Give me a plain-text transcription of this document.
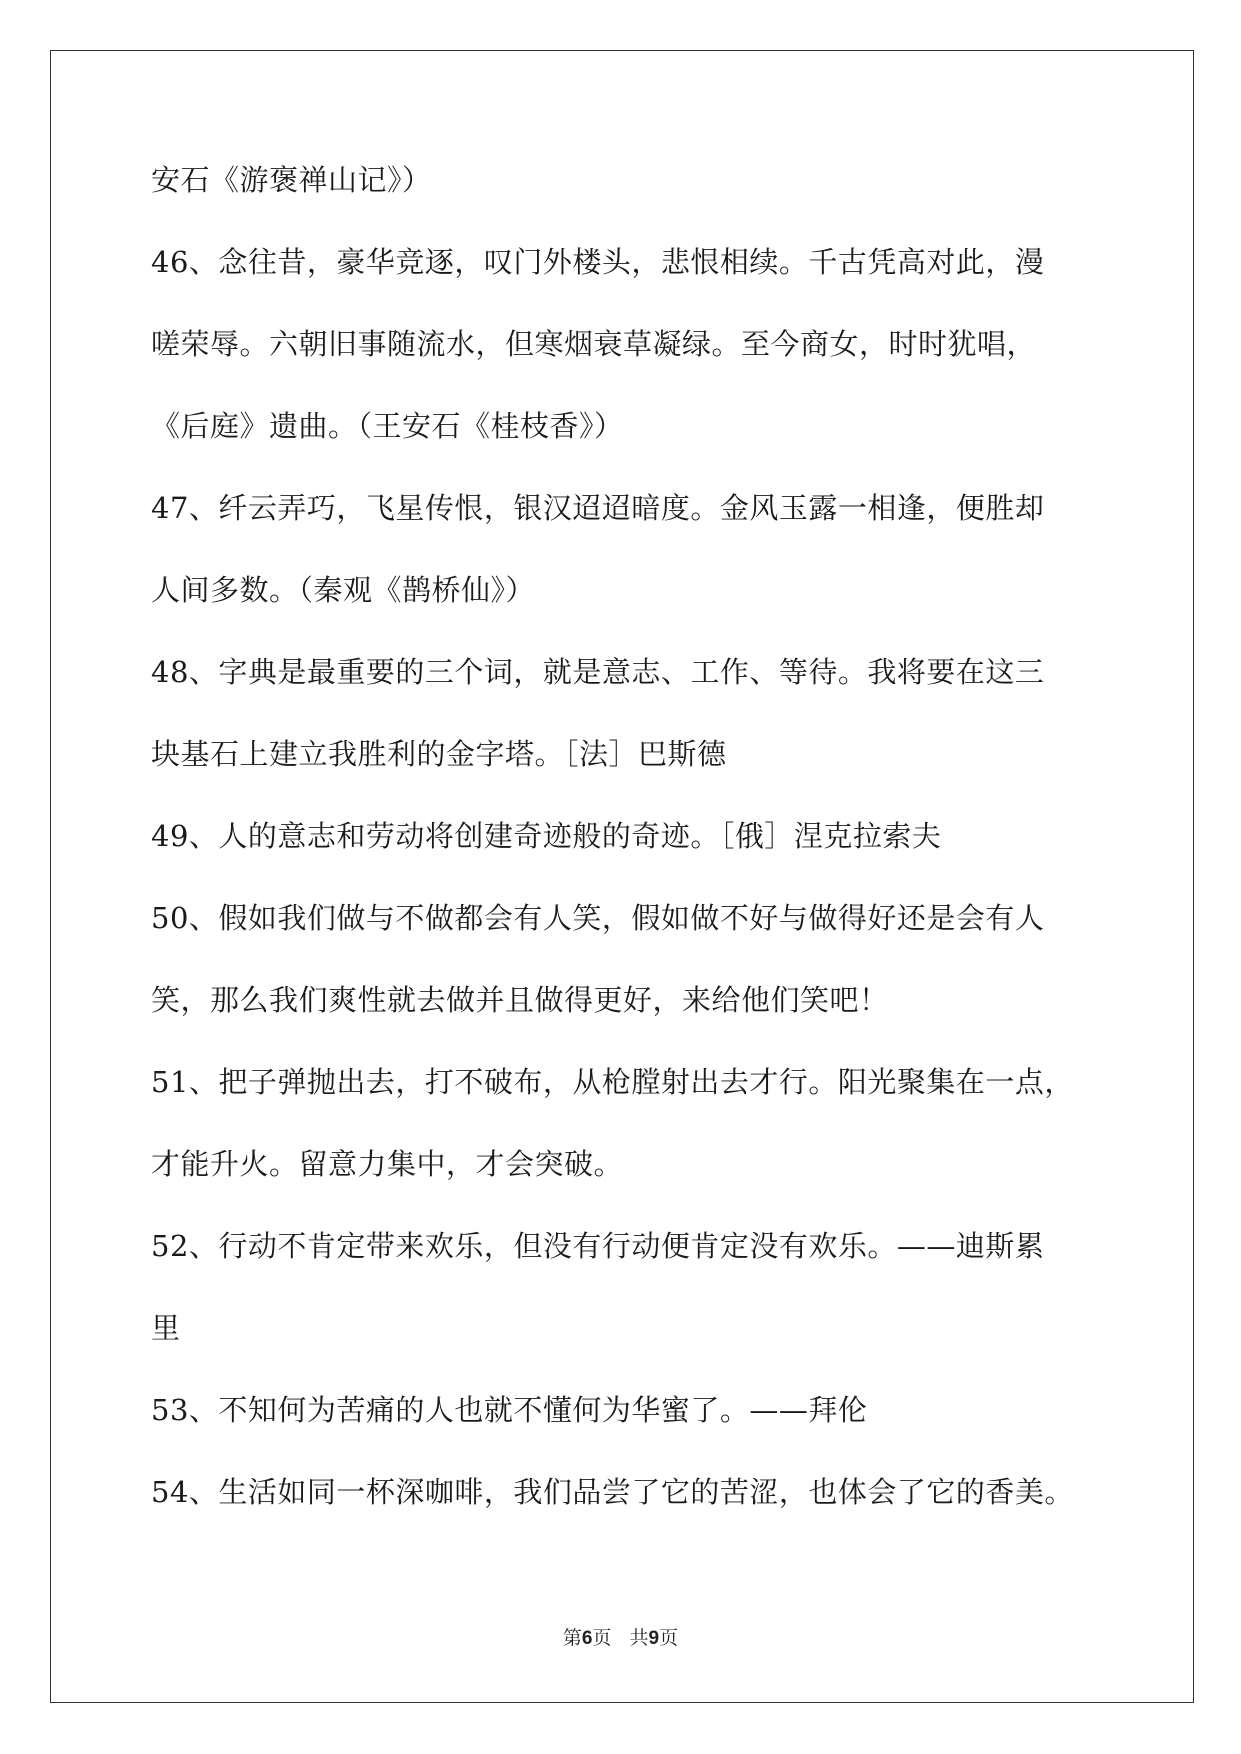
安石《游褒禅山记》）
46、念往昔，豪华竞逐，叹门外楼头，悲恨相续。千古凭高对此，漫
嗟荣辱。六朝旧事随流水，但寒烟衰草凝绿。至今商女，时时犹唱，
《后庭》遗曲。（王安石《桂枝香》）
47、纤云弄巧，飞星传恨，银汉迢迢暗度。金风玉露一相逢，便胜却
人间多数。（秦观《鹊桥仙》）
48、字典是最重要的三个词，就是意志、工作、等待。我将要在这三
块基石上建立我胜利的金字塔。［法］巴斯德
49、人的意志和劳动将创建奇迹般的奇迹。［俄］涅克拉索夫
50、假如我们做与不做都会有人笑，假如做不好与做得好还是会有人
笑，那么我们爽性就去做并且做得更好，来给他们笑吧！
51、把子弹抛出去，打不破布，从枪膛射出去才行。阳光聚集在一点，
才能升火。留意力集中，才会突破。
52、行动不肯定带来欢乐，但没有行动便肯定没有欢乐。——迪斯累
里
53、不知何为苦痛的人也就不懂何为华蜜了。——拜伦
54、生活如同一杯深咖啡，我们品尝了它的苦涩，也体会了它的香美。
第6页 共9页
